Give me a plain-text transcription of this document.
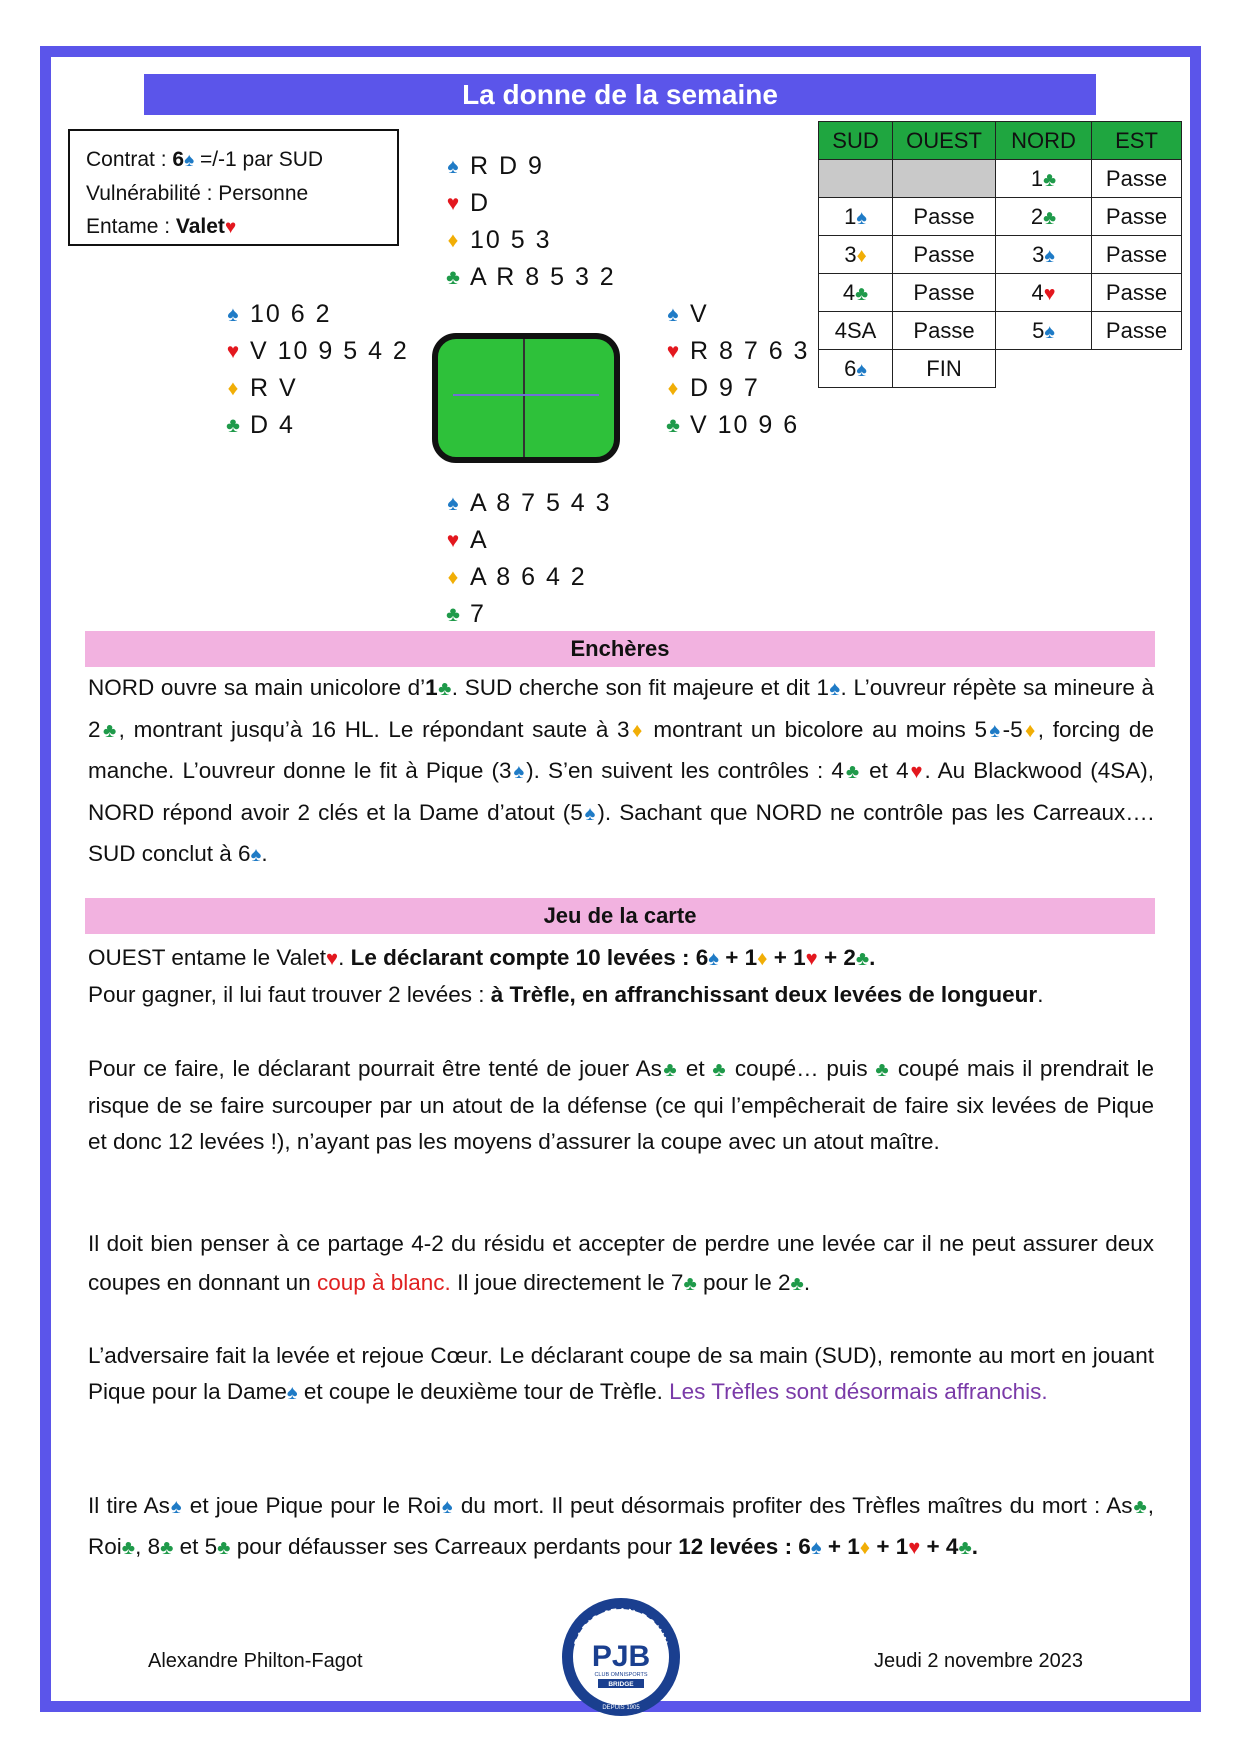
La donne de la semaine
Contrat : 6♠ =/-1 par SUD
Vulnérabilité : Personne
Entame : Valet♥
♠ R D 9
♥ D
♦ 10 5 3
♣ A R 8 5 3 2
♠ 10 6 2
♥ V 10 9 5 4 2
♦ R V
♣ D 4
♠ V
♥ R 8 7 6 3
♦ D 9 7
♣ V 10 9 6
♠ A 8 7 5 4 3
♥ A
♦ A 8 6 4 2
♣ 7
SUD	OUEST	NORD	EST
		1♣	Passe
1♠	Passe	2♣	Passe
3♦	Passe	3♠	Passe
4♣	Passe	4♥	Passe
4SA	Passe	5♠	Passe
6♠	FIN		
Enchères

NORD ouvre sa main unicolore d’1♣. SUD cherche son fit majeure et dit 1♠. L’ouvreur répète sa mineure à 2♣, montrant jusqu’à 16 HL. Le répondant saute à 3♦ montrant un bicolore au moins 5♠-5♦, forcing de manche. L’ouvreur donne le fit à Pique (3♠). S’en suivent les contrôles : 4♣ et 4♥. Au Blackwood (4SA), NORD répond avoir 2 clés et la Dame d’atout (5♠). Sachant que NORD ne contrôle pas les Carreaux…. SUD conclut à 6♠.

Jeu de la carte

OUEST entame le Valet♥. Le déclarant compte 10 levées : 6♠ + 1♦ + 1♥ + 2♣.

Pour gagner, il lui faut trouver 2 levées : à Trèfle, en affranchissant deux levées de longueur.

Pour ce faire, le déclarant pourrait être tenté de jouer As♣ et ♣ coupé… puis ♣ coupé mais il prendrait le risque de se faire surcouper par un atout de la défense (ce qui l’empêcherait de faire six levées de Pique et donc 12 levées !), n’ayant pas les moyens d’assurer la coupe avec un atout maître.

Il doit bien penser à ce partage 4-2 du résidu et accepter de perdre une levée car il ne peut assurer deux coupes en donnant un coup à blanc. Il joue directement le 7♣ pour le 2♣.

L’adversaire fait la levée et rejoue Cœur. Le déclarant coupe de sa main (SUD), remonte au mort en jouant Pique pour la Dame♠ et coupe le deuxième tour de Trèfle. Les Trèfles sont désormais affranchis.

Il tire As♠ et joue Pique pour le Roi♠ du mort. Il peut désormais profiter des Trèfles maîtres du mort : As♣, Roi♣, 8♣ et 5♣ pour défausser ses Carreaux perdants pour 12 levées : 6♠ + 1♦ + 1♥ + 4♣.

Alexandre Philton-Fagot	Jeudi 2 novembre 2023
PARIS JEAN BOUIN
PJB
CLUB OMNISPORTS
BRIDGE
DEPUIS 1905
